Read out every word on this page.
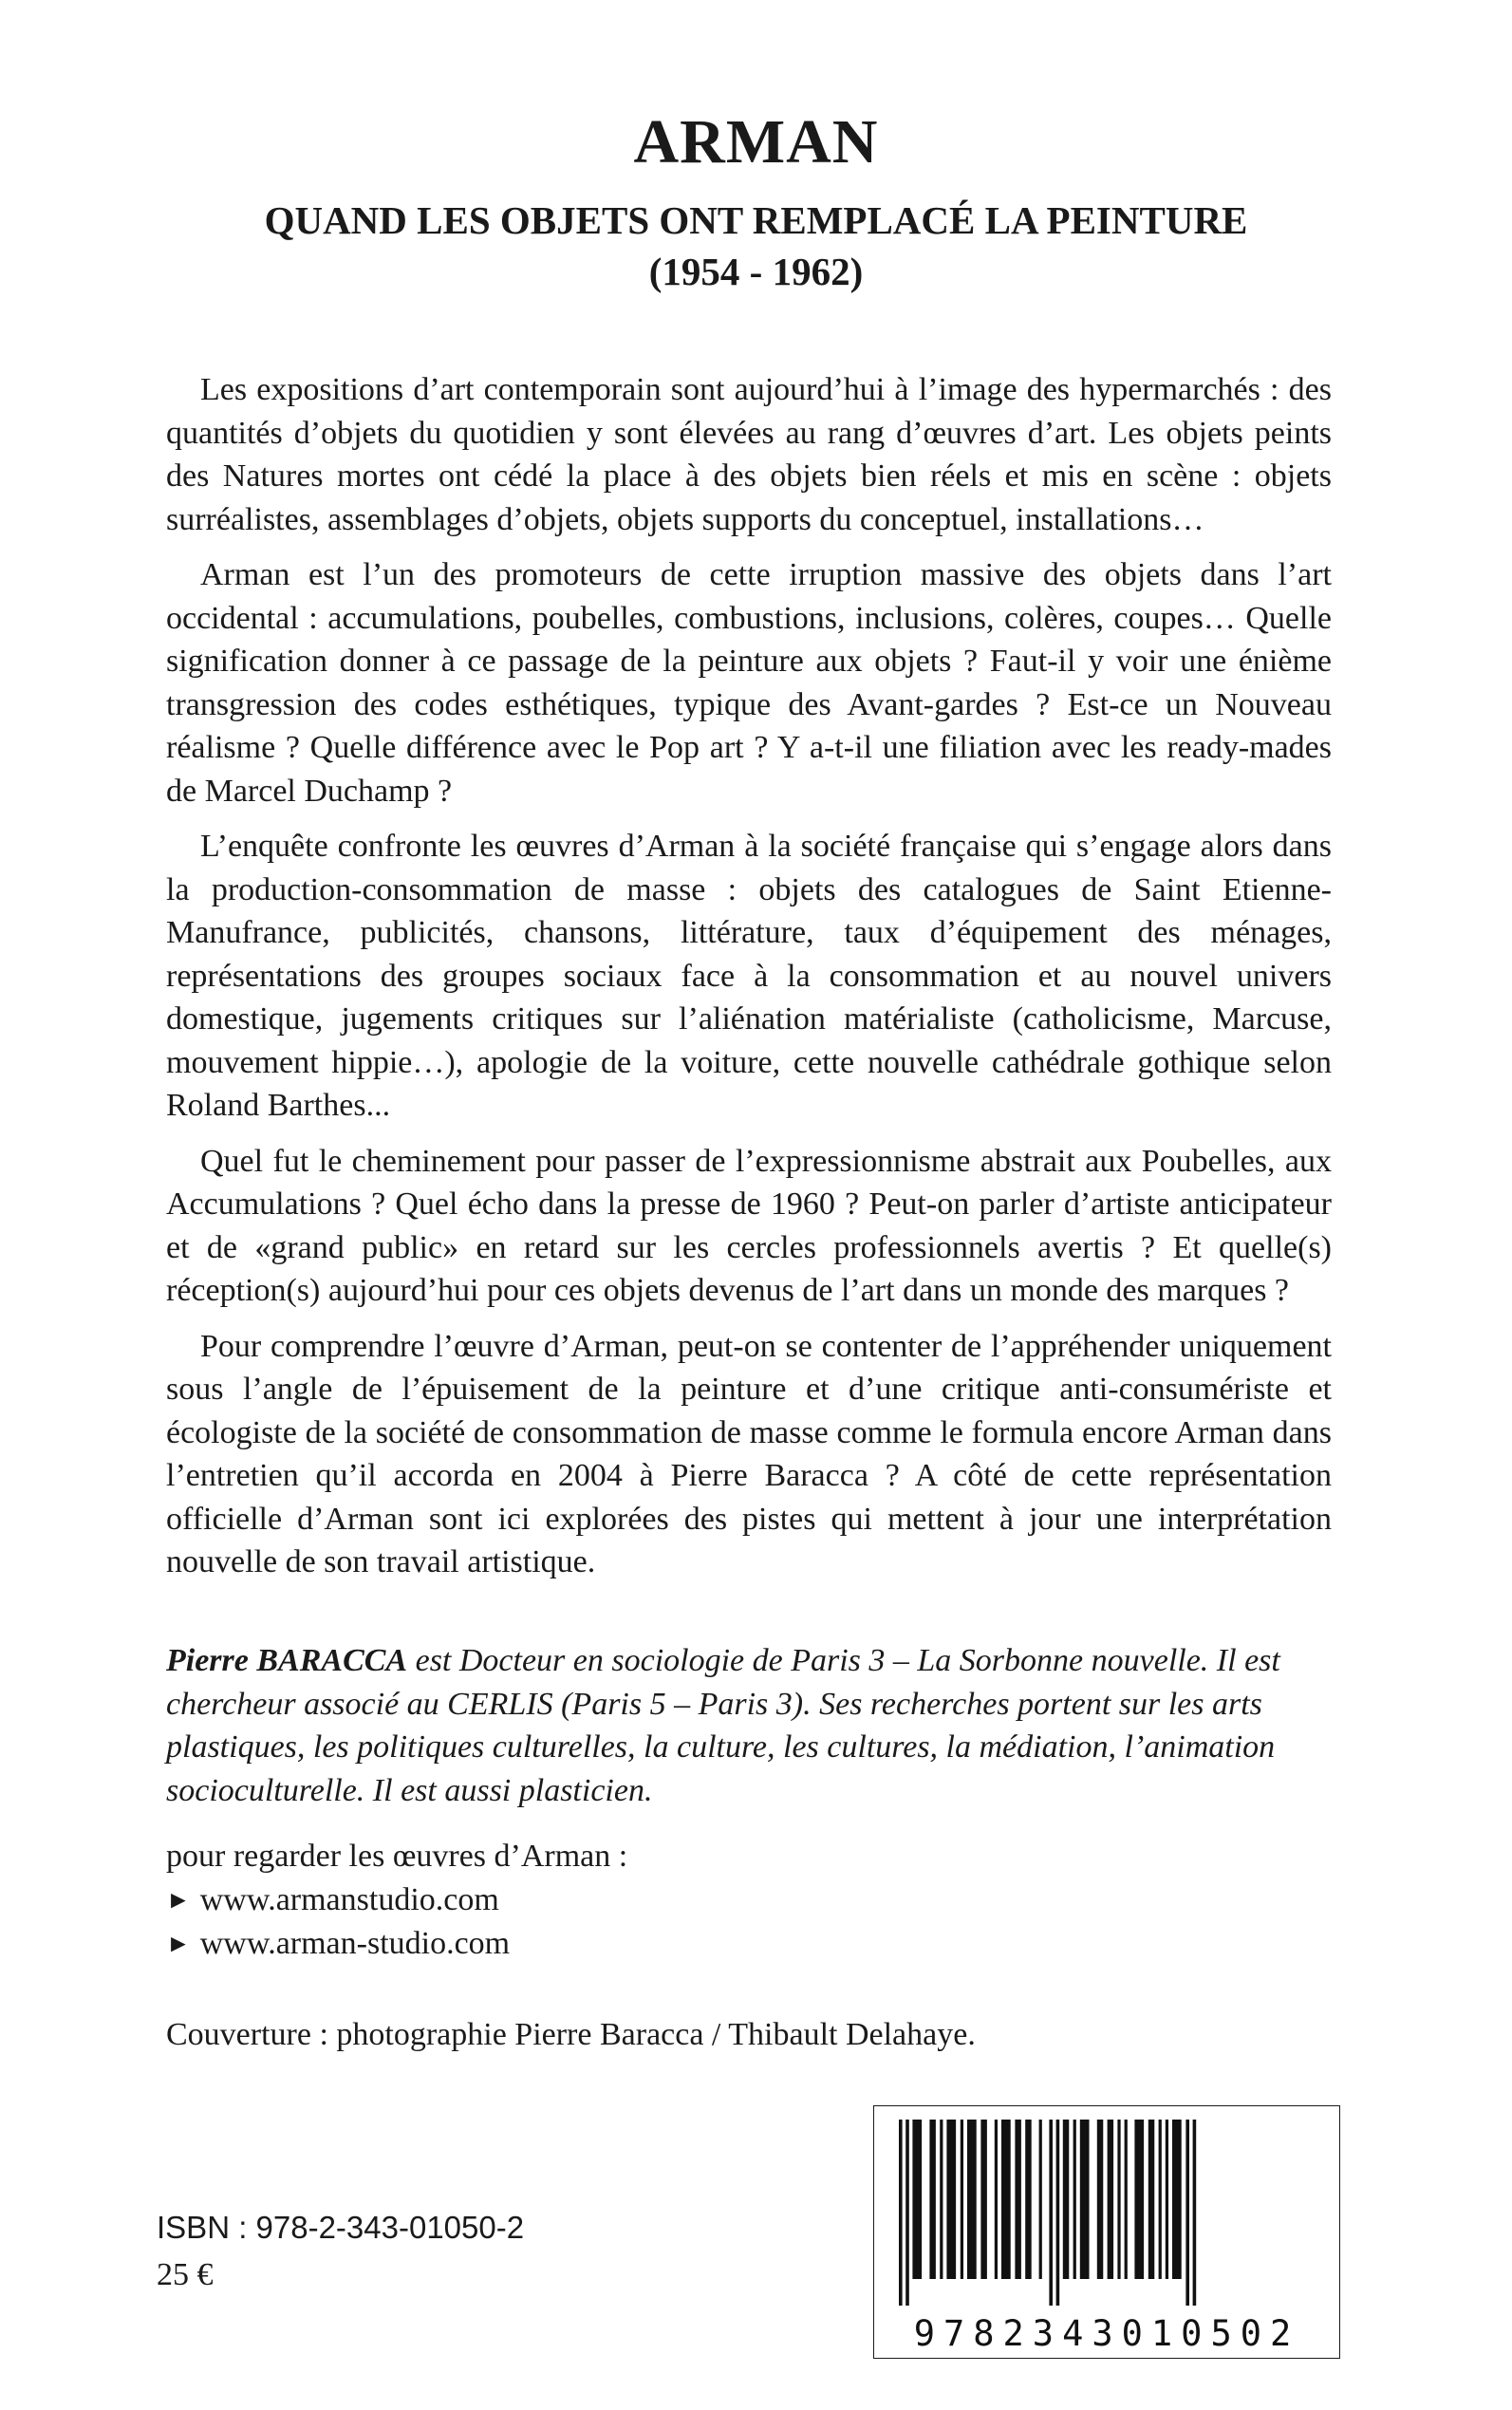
ARMAN
QUAND LES OBJETS ONT REMPLACÉ LA PEINTURE
(1954 - 1962)

Les expositions d’art contemporain sont aujourd’hui à l’image des hypermarchés : des quantités d’objets du quotidien y sont élevées au rang d’œuvres d’art. Les objets peints des Natures mortes ont cédé la place à des objets bien réels et mis en scène : objets surréalistes, assemblages d’objets, objets supports du conceptuel, installations…

Arman est l’un des promoteurs de cette irruption massive des objets dans l’art occidental : accumulations, poubelles, combustions, inclusions, colères, coupes… Quelle signification donner à ce passage de la peinture aux objets ? Faut-il y voir une énième transgression des codes esthétiques, typique des Avant-gardes ? Est-ce un Nouveau réalisme ? Quelle différence avec le Pop art ? Y a-t-il une filiation avec les ready-mades de Marcel Duchamp ?

L’enquête confronte les œuvres d’Arman à la société française qui s’engage alors dans la production-consommation de masse : objets des catalogues de Saint Etienne-Manufrance, publicités, chansons, littérature, taux d’équipement des ménages, représentations des groupes sociaux face à la consommation et au nouvel univers domestique, jugements critiques sur l’aliénation matérialiste (catholicisme, Marcuse, mouvement hippie…), apologie de la voiture, cette nouvelle cathédrale gothique selon Roland Barthes...

Quel fut le cheminement pour passer de l’expressionnisme abstrait aux Poubelles, aux Accumulations ? Quel écho dans la presse de 1960 ? Peut-on parler d’artiste anticipateur et de «grand public» en retard sur les cercles professionnels avertis ? Et quelle(s) réception(s) aujourd’hui pour ces objets devenus de l’art dans un monde des marques ?

Pour comprendre l’œuvre d’Arman, peut-on se contenter de l’appréhender uniquement sous l’angle de l’épuisement de la peinture et d’une critique anti-consumériste et écologiste de la société de consommation de masse comme le formula encore Arman dans l’entretien qu’il accorda en 2004 à Pierre Baracca ? A côté de cette représentation officielle d’Arman sont ici explorées des pistes qui mettent à jour une interprétation nouvelle de son travail artistique.

Pierre BARACCA est Docteur en sociologie de Paris 3 – La Sorbonne nouvelle. Il est chercheur associé au CERLIS (Paris 5 – Paris 3). Ses recherches portent sur les arts plastiques, les politiques culturelles, la culture, les cultures, la médiation, l’animation socioculturelle. Il est aussi plasticien.
pour regarder les œuvres d’Arman :
► www.armanstudio.com
► www.arman-studio.com
Couverture : photographie Pierre Baracca / Thibault Delahaye.
ISBN : 978-2-343-01050-2
25 €
9782343010502
